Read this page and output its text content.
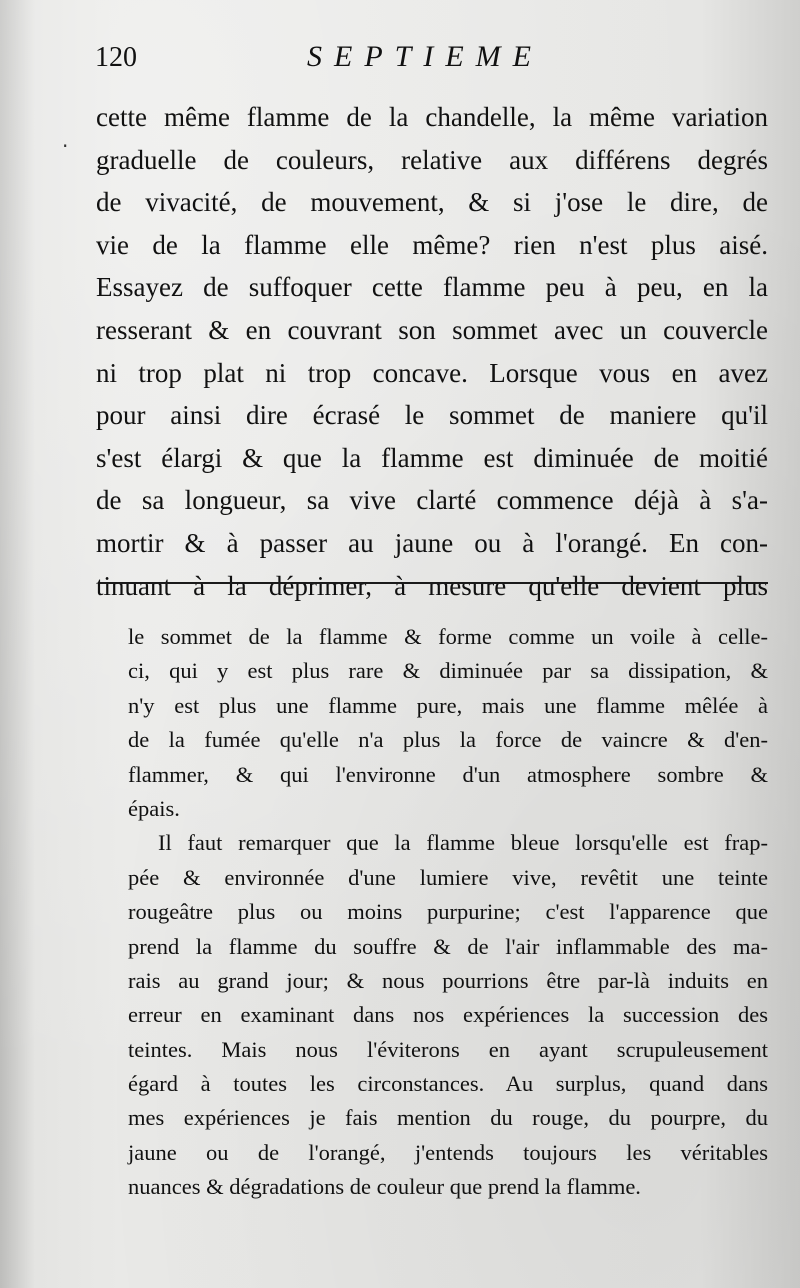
120	SEPTIEME
·
cette même flamme de la chandelle, la même variation
graduelle de couleurs, relative aux différens degrés
de vivacité, de mouvement, & si j'ose le dire, de
vie de la flamme elle même? rien n'est plus aisé.
Essayez de suffoquer cette flamme peu à peu, en la
resserant & en couvrant son sommet avec un couvercle
ni trop plat ni trop concave. Lorsque vous en avez
pour ainsi dire écrasé le sommet de maniere qu'il
s'est élargi & que la flamme est diminuée de moitié
de sa longueur, sa vive clarté commence déjà à s'a-
mortir & à passer au jaune ou à l'orangé. En con-
tinuant à la déprimer, à mesure qu'elle devient plus
le sommet de la flamme & forme comme un voile à celle-
ci, qui y est plus rare & diminuée par sa dissipation, &
n'y est plus une flamme pure, mais une flamme mêlée à
de la fumée qu'elle n'a plus la force de vaincre & d'en-
flammer, & qui l'environne d'un atmosphere sombre &
épais.
Il faut remarquer que la flamme bleue lorsqu'elle est frap-
pée & environnée d'une lumiere vive, revêtit une teinte
rougeâtre plus ou moins purpurine; c'est l'apparence que
prend la flamme du souffre & de l'air inflammable des ma-
rais au grand jour; & nous pourrions être par-là induits en
erreur en examinant dans nos expériences la succession des
teintes. Mais nous l'éviterons en ayant scrupuleusement
égard à toutes les circonstances. Au surplus, quand dans
mes expériences je fais mention du rouge, du pourpre, du
jaune ou de l'orangé, j'entends toujours les véritables
nuances & dégradations de couleur que prend la flamme.
